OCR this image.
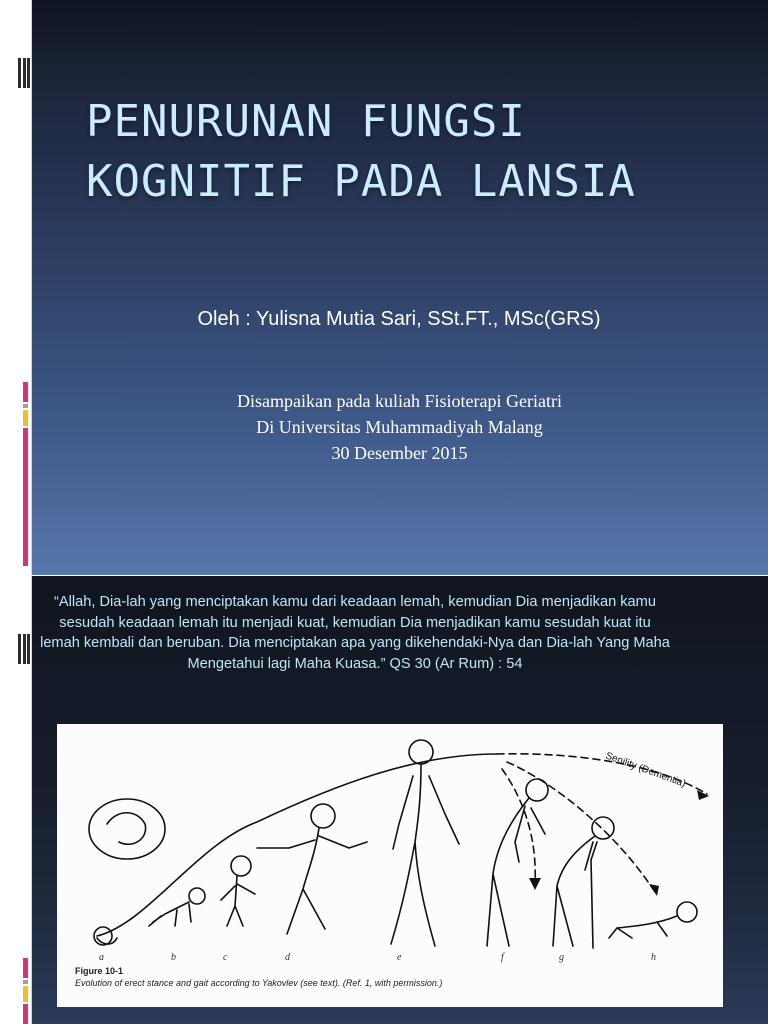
PENURUNAN FUNGSI
KOGNITIF PADA LANSIA
Oleh : Yulisna Mutia Sari, SSt.FT., MSc(GRS)
Disampaikan pada kuliah Fisioterapi Geriatri
Di Universitas Muhammadiyah Malang
30 Desember 2015

“Allah, Dia-lah yang menciptakan kamu dari keadaan lemah, kemudian Dia menjadikan kamu sesudah keadaan lemah itu menjadi kuat, kemudian Dia menjadikan kamu sesudah kuat itu lemah kembali dan beruban. Dia menciptakan apa yang dikehendaki-Nya dan Dia-lah Yang Maha Mengetahui lagi Maha Kuasa.” QS 30 (Ar Rum) : 54

Senility (Dementia)
a	b	c	d	e	f	g	h
Figure 10-1
Evolution of erect stance and gait according to Yakovlev (see text). (Ref. 1, with permission.)
